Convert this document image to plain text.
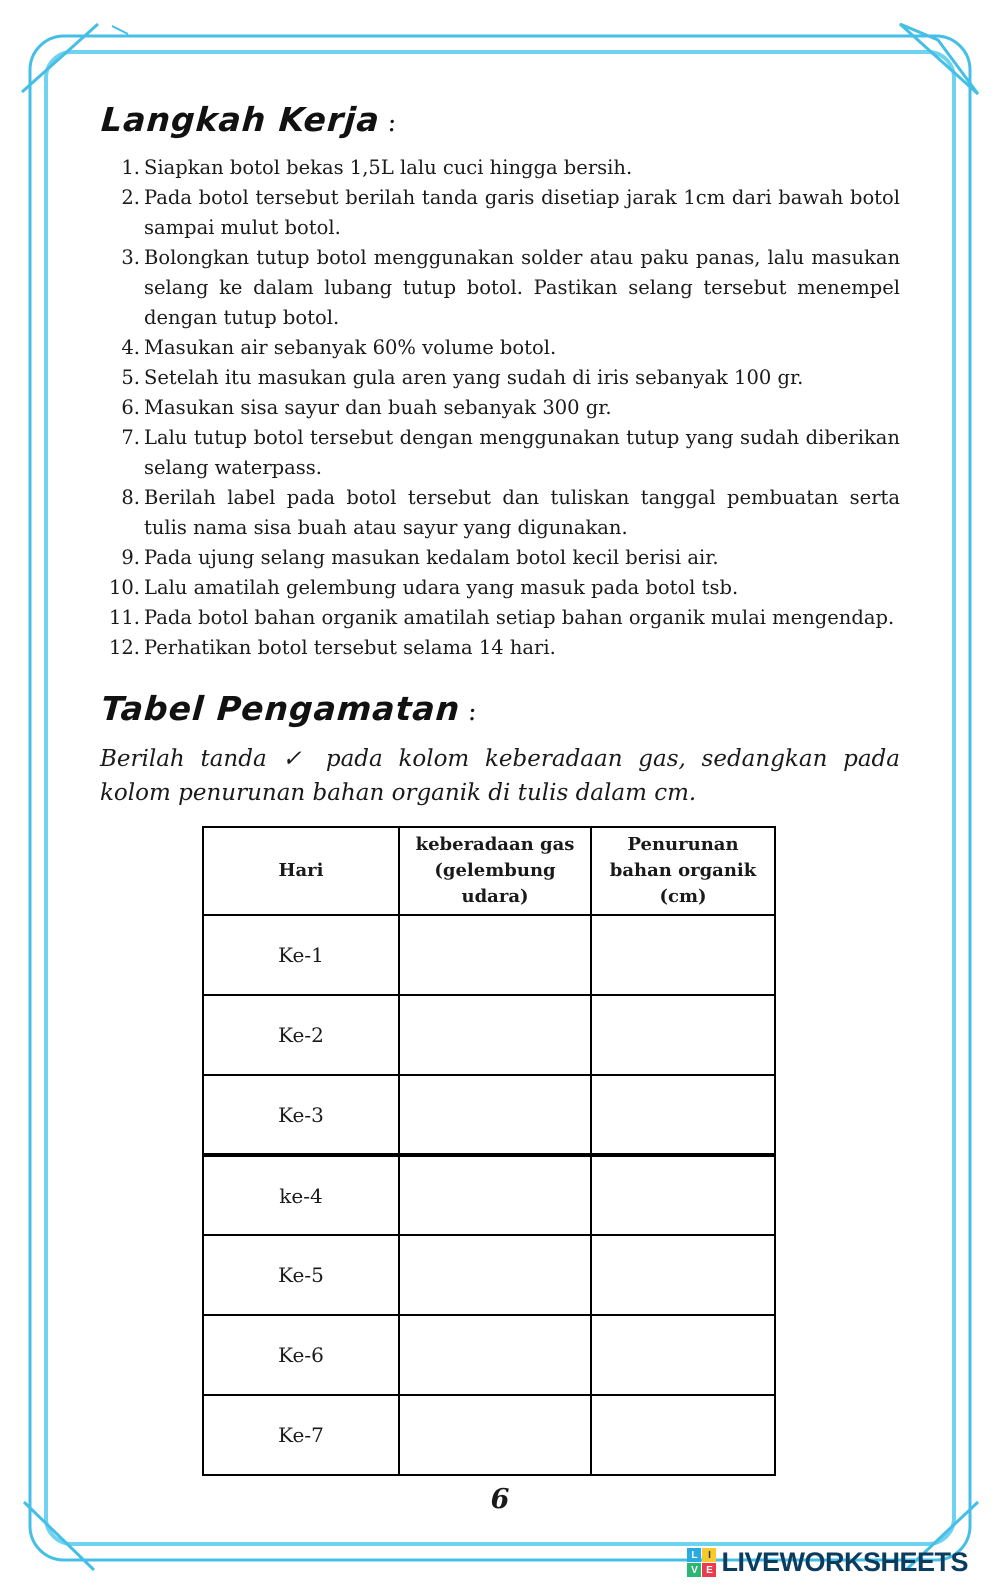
Langkah Kerja :
Siapkan botol bekas 1,5L lalu cuci hingga bersih.
Pada botol tersebut berilah tanda garis disetiap jarak 1cm dari bawah botol sampai mulut botol.
Bolongkan tutup botol menggunakan solder atau paku panas, lalu masukan selang ke dalam lubang tutup botol. Pastikan selang tersebut menempel dengan tutup botol.
Masukan air sebanyak 60% volume botol.
Setelah itu masukan gula aren yang sudah di iris sebanyak 100 gr.
Masukan sisa sayur dan buah sebanyak 300 gr.
Lalu tutup botol tersebut dengan menggunakan tutup yang sudah diberikan selang waterpass.
Berilah label pada botol tersebut dan tuliskan tanggal pembuatan serta tulis nama sisa buah atau sayur yang digunakan.
Pada ujung selang masukan kedalam botol kecil berisi air.
Lalu amatilah gelembung udara yang masuk pada botol tsb.
Pada botol bahan organik amatilah setiap bahan organik mulai mengendap.
Perhatikan botol tersebut selama 14 hari.
Tabel Pengamatan :

Berilah tanda ✓ pada kolom keberadaan gas, sedangkan pada kolom penurunan bahan organik di tulis dalam cm.

Hari	keberadaan gas (gelembung udara)	Penurunan bahan organik (cm)
Ke-1		
Ke-2		
Ke-3		
ke-4		
Ke-5		
Ke-6		
Ke-7		
6
L	I
V E LIVEWORKSHEETS
